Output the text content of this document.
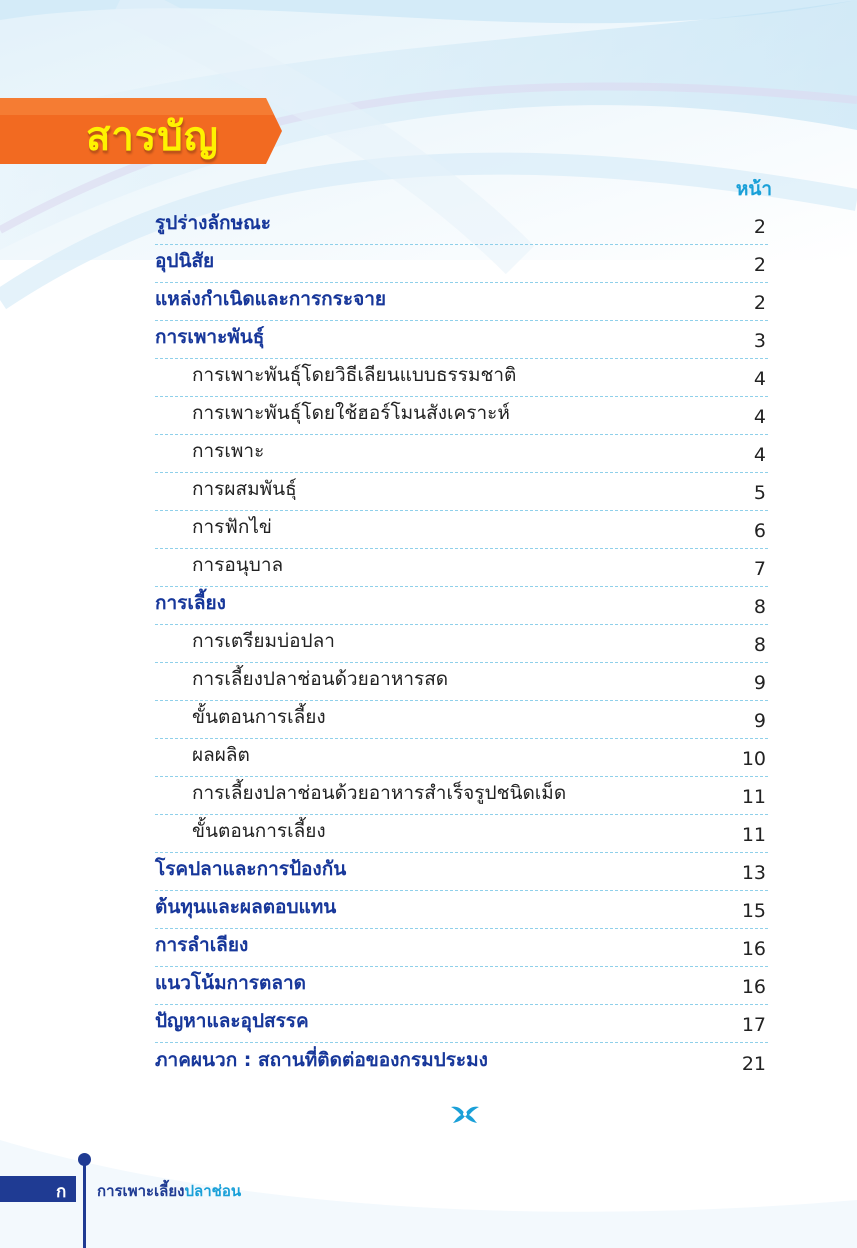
สารบัญ
หน้า
รูปร่างลักษณะ	2
อุปนิสัย	2
แหล่งกำเนิดและการกระจาย	2
การเพาะพันธุ์	3
การเพาะพันธุ์โดยวิธีเลียนแบบธรรมชาติ	4
การเพาะพันธุ์โดยใช้ฮอร์โมนสังเคราะห์	4
การเพาะ	4
การผสมพันธุ์	5
การฟักไข่	6
การอนุบาล	7
การเลี้ยง	8
การเตรียมบ่อปลา	8
การเลี้ยงปลาช่อนด้วยอาหารสด	9
ขั้นตอนการเลี้ยง	9
ผลผลิต	10
การเลี้ยงปลาช่อนด้วยอาหารสำเร็จรูปชนิดเม็ด	11
ขั้นตอนการเลี้ยง	11
โรคปลาและการป้องกัน	13
ต้นทุนและผลตอบแทน	15
การลำเลียง	16
แนวโน้มการตลาด	16
ปัญหาและอุปสรรค	17
ภาคผนวก : สถานที่ติดต่อของกรมประมง	21
ก การเพาะเลี้ยงปลาช่อน
